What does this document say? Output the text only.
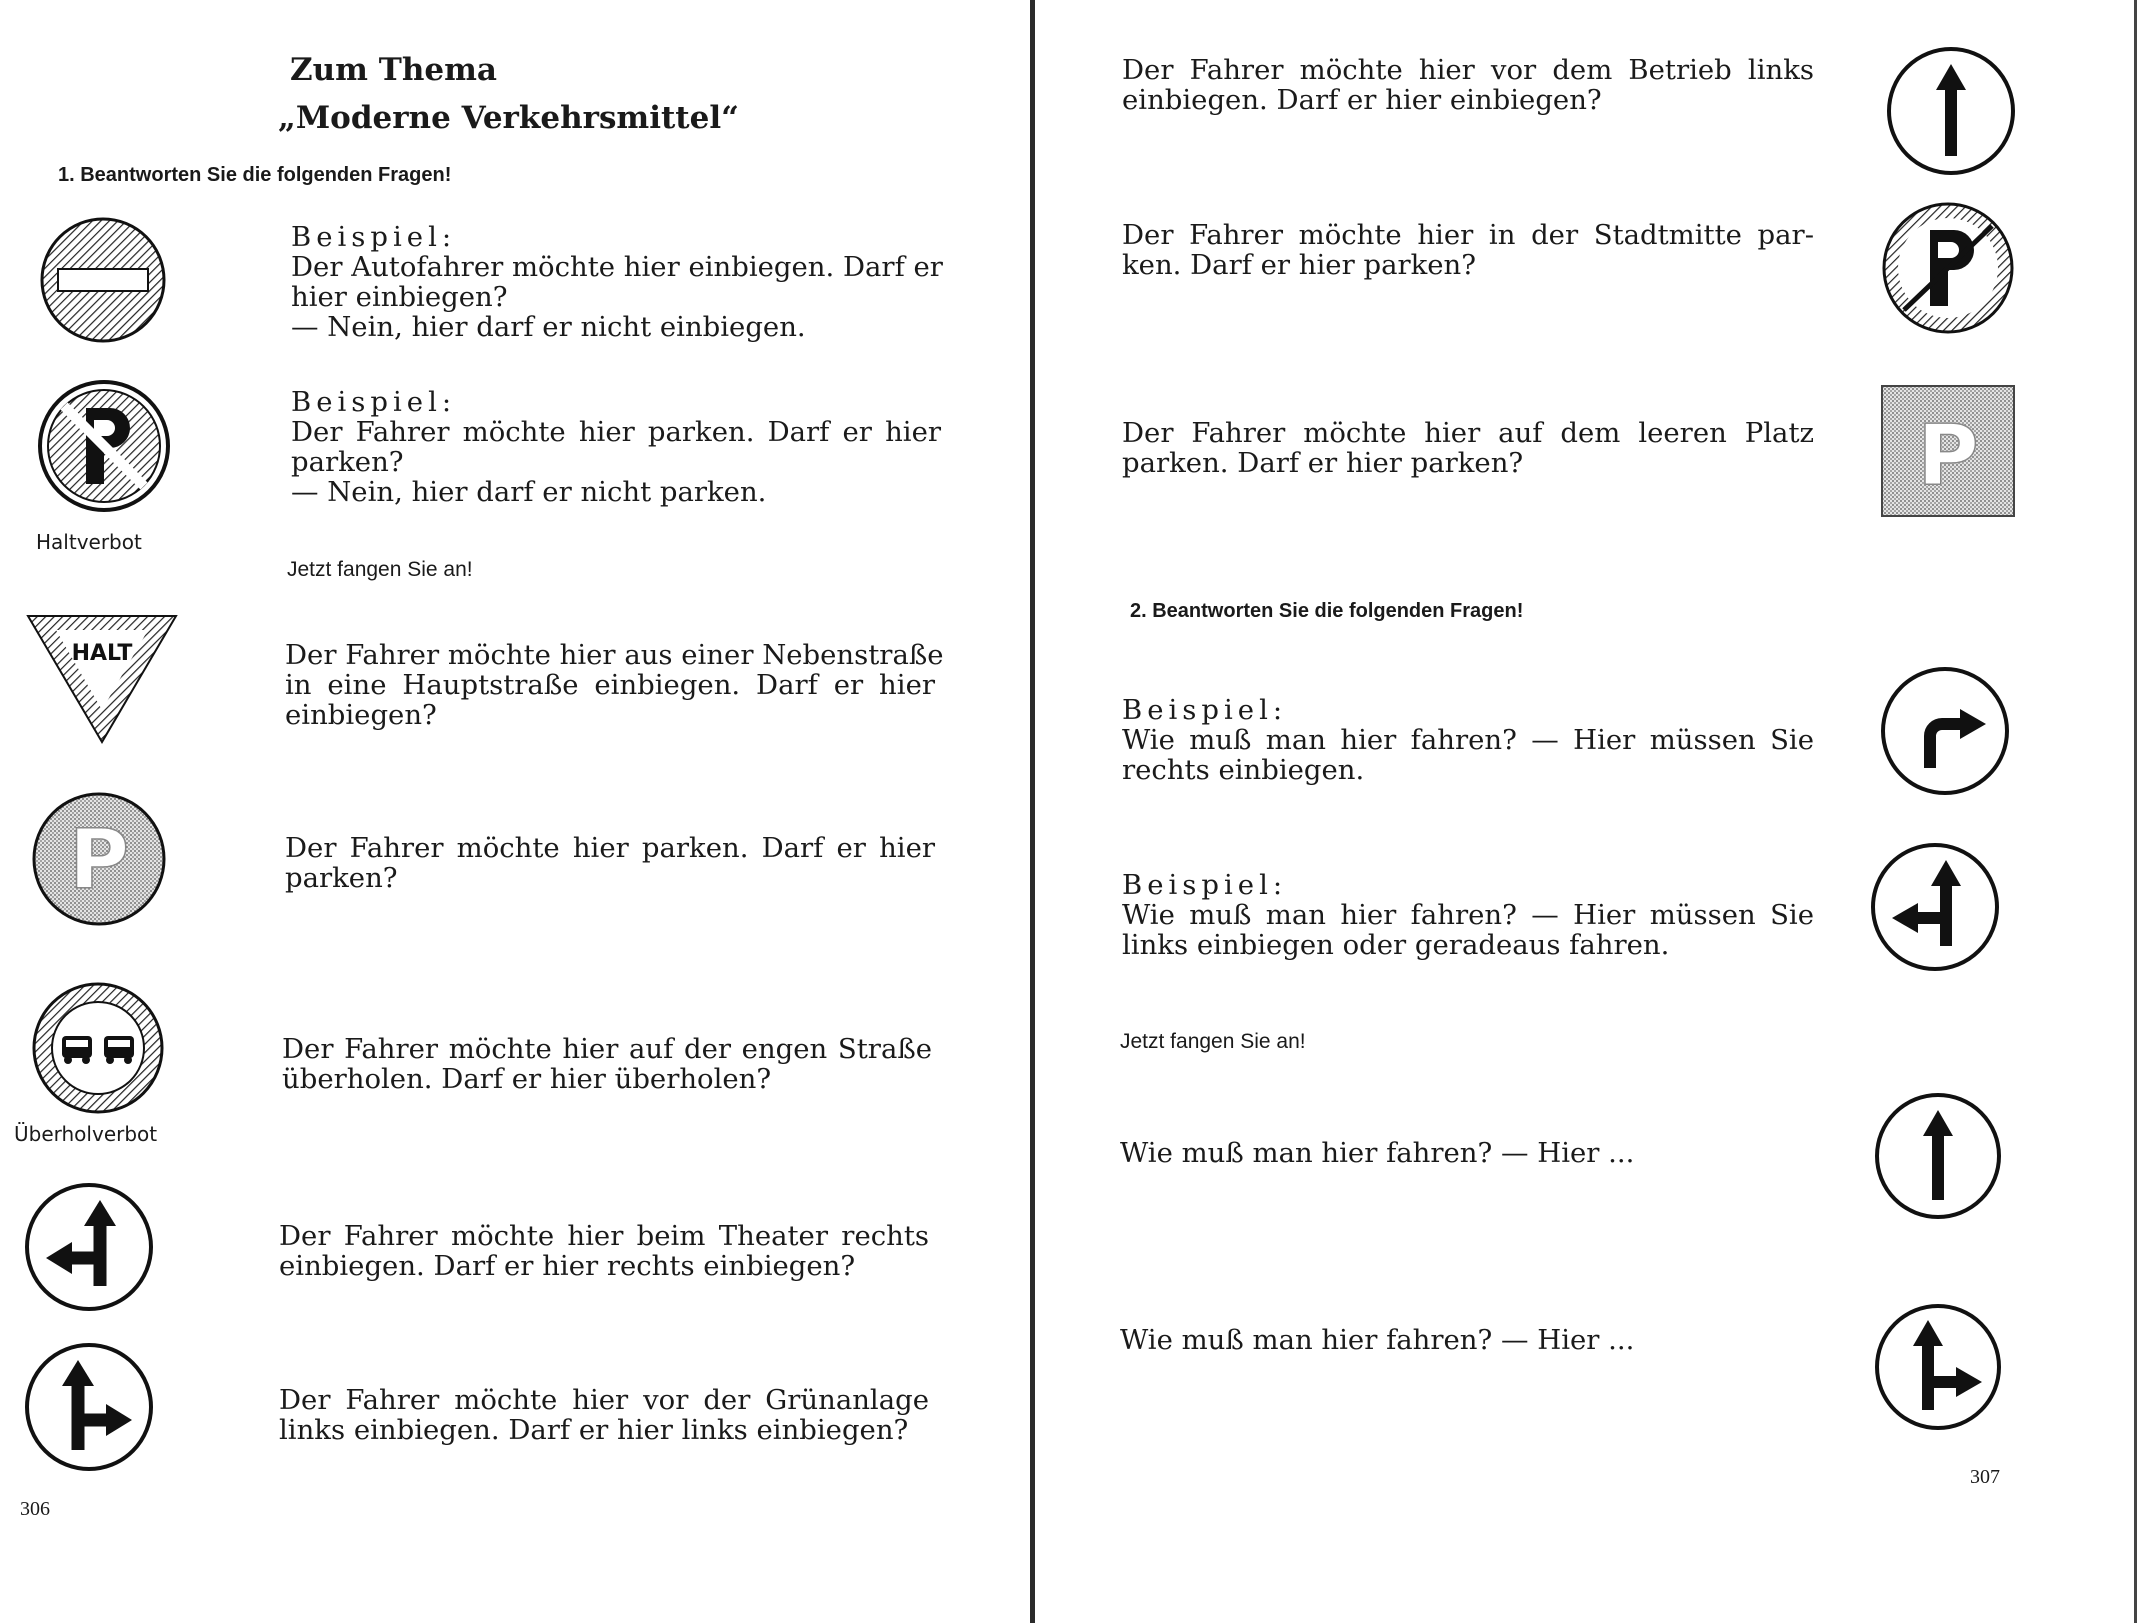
Zum Thema
„Moderne Verkehrsmittel“
1. Beantworten Sie die folgenden Fragen!
Beispiel:
Der Autofahrer möchte hier einbiegen. Darf er
hier einbiegen?
— Nein, hier darf er nicht einbiegen.
Beispiel:
Der Fahrer möchte hier parken. Darf er hier
parken?
— Nein, hier darf er nicht parken.
Haltverbot
Jetzt fangen Sie an!
HALT	Der Fahrer möchte hier aus einer Nebenstraße
in eine Hauptstraße einbiegen. Darf er hier
einbiegen?
P	Der Fahrer möchte hier parken. Darf er hier
parken?
Der Fahrer möchte hier auf der engen Straße
überholen. Darf er hier überholen?
Überholverbot
Der Fahrer möchte hier beim Theater rechts
einbiegen. Darf er hier rechts einbiegen?
Der Fahrer möchte hier vor der Grünanlage
links einbiegen. Darf er hier links einbiegen?
306
Der Fahrer möchte hier vor dem Betrieb links
einbiegen. Darf er hier einbiegen?
Der Fahrer möchte hier in der Stadtmitte par-
ken. Darf er hier parken?
Der Fahrer möchte hier auf dem leeren Platz
parken. Darf er hier parken?	P
2. Beantworten Sie die folgenden Fragen!
Beispiel:
Wie muß man hier fahren? — Hier müssen Sie
rechts einbiegen.
Beispiel:
Wie muß man hier fahren? — Hier müssen Sie
links einbiegen oder geradeaus fahren.
Jetzt fangen Sie an!
Wie muß man hier fahren? — Hier ...
Wie muß man hier fahren? — Hier ...
307
